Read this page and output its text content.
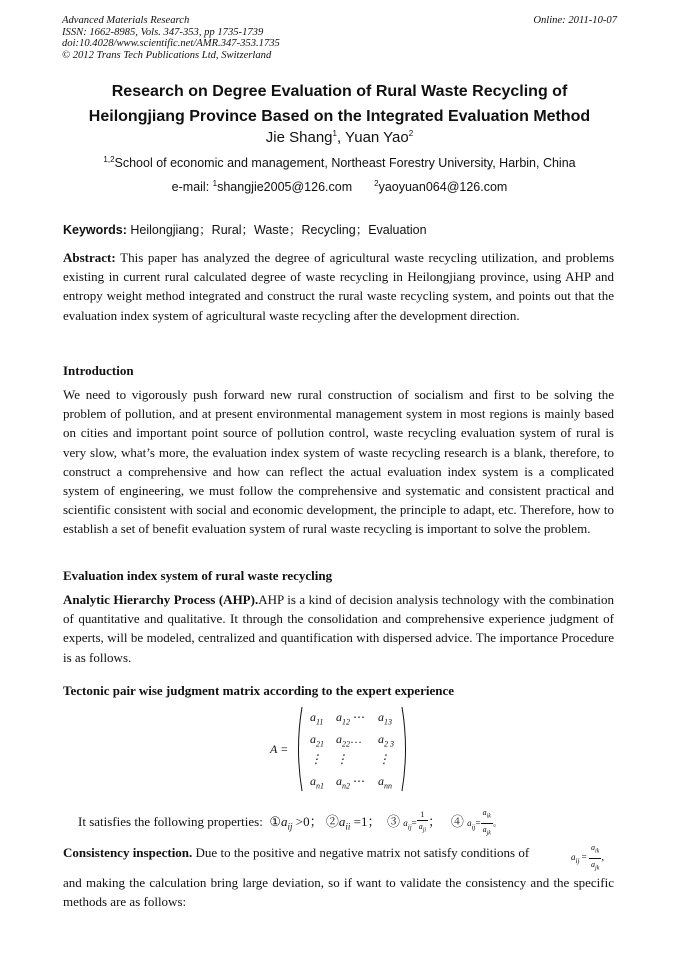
Advanced Materials Research
ISSN: 1662-8985, Vols. 347-353, pp 1735-1739
doi:10.4028/www.scientific.net/AMR.347-353.1735
© 2012 Trans Tech Publications Ltd, Switzerland
Online: 2011-10-07
Research on Degree Evaluation of Rural Waste Recycling of
Heilongjiang Province Based on the Integrated Evaluation Method
Jie Shang$^1$, Yuan Yao$^2$
$^{1,2}$School of economic and management, Northeast Forestry University, Harbin, China
e-mail: $^1$shangjie2005@126.com	$^2$yaoyuan064@126.com
Keywords: Heilongjiang；Rural；Waste；Recycling；Evaluation
Abstract: This paper has analyzed the degree of agricultural waste recycling utilization, and problems existing in current rural calculated degree of waste recycling in Heilongjiang province, using AHP and entropy weight method integrated and construct the rural waste recycling system, and points out that the evaluation index system of agricultural waste recycling after the development direction.
Introduction
We need to vigorously push forward new rural construction of socialism and first to be solving the problem of pollution, and at present environmental management system in most regions is mainly based on cities and important point source of pollution control, waste recycling evaluation system of rural is very slow, what’s more, the evaluation index system of waste recycling research is a blank, therefore, to construct a comprehensive and how can reflect the actual evaluation index system is a complicated system of engineering, we must follow the comprehensive and systematic and consistent practical and scientific consistent with social and economic development, the principle to adapt, etc. Therefore, how to establish a set of benefit evaluation system of rural waste recycling is important to solve the problem.
Evaluation index system of rural waste recycling
Analytic Hierarchy Process (AHP).AHP is a kind of decision analysis technology with the combination of quantitative and qualitative. It through the consolidation and comprehensive experience judgment of experts, will be modeled, centralized and quantification with dispersed advice. The importance Procedure is as follows.
Tectonic pair wise judgment matrix according to the expert experience
A =
$a_{11}$	$a_{12}$ ⋯	$a_{13}$
$a_{21}$	$a_{22}\dots$	$a_{2 3}$
⋮	⋮	⋮
$a_{n1}$	$a_{n2}$ ⋯	$a_{nn}$
It satisfies the following properties: $①a_{ij} >0$； $②a_{ii} =1$； ③ $a_{ij}= \frac{1}{a_{ji}}$ ； ④ $a_{ij}= \frac{a_{ik}}{a_{jk}}$ 。
Consistency inspection. Due to the positive and negative matrix not satisfy conditions of
and making the calculation bring large deviation, so if want to validate the consistency and the specific methods are as follows:
$a_{ij} = \frac{a_{ik}}{a_{jk}}$ ,
